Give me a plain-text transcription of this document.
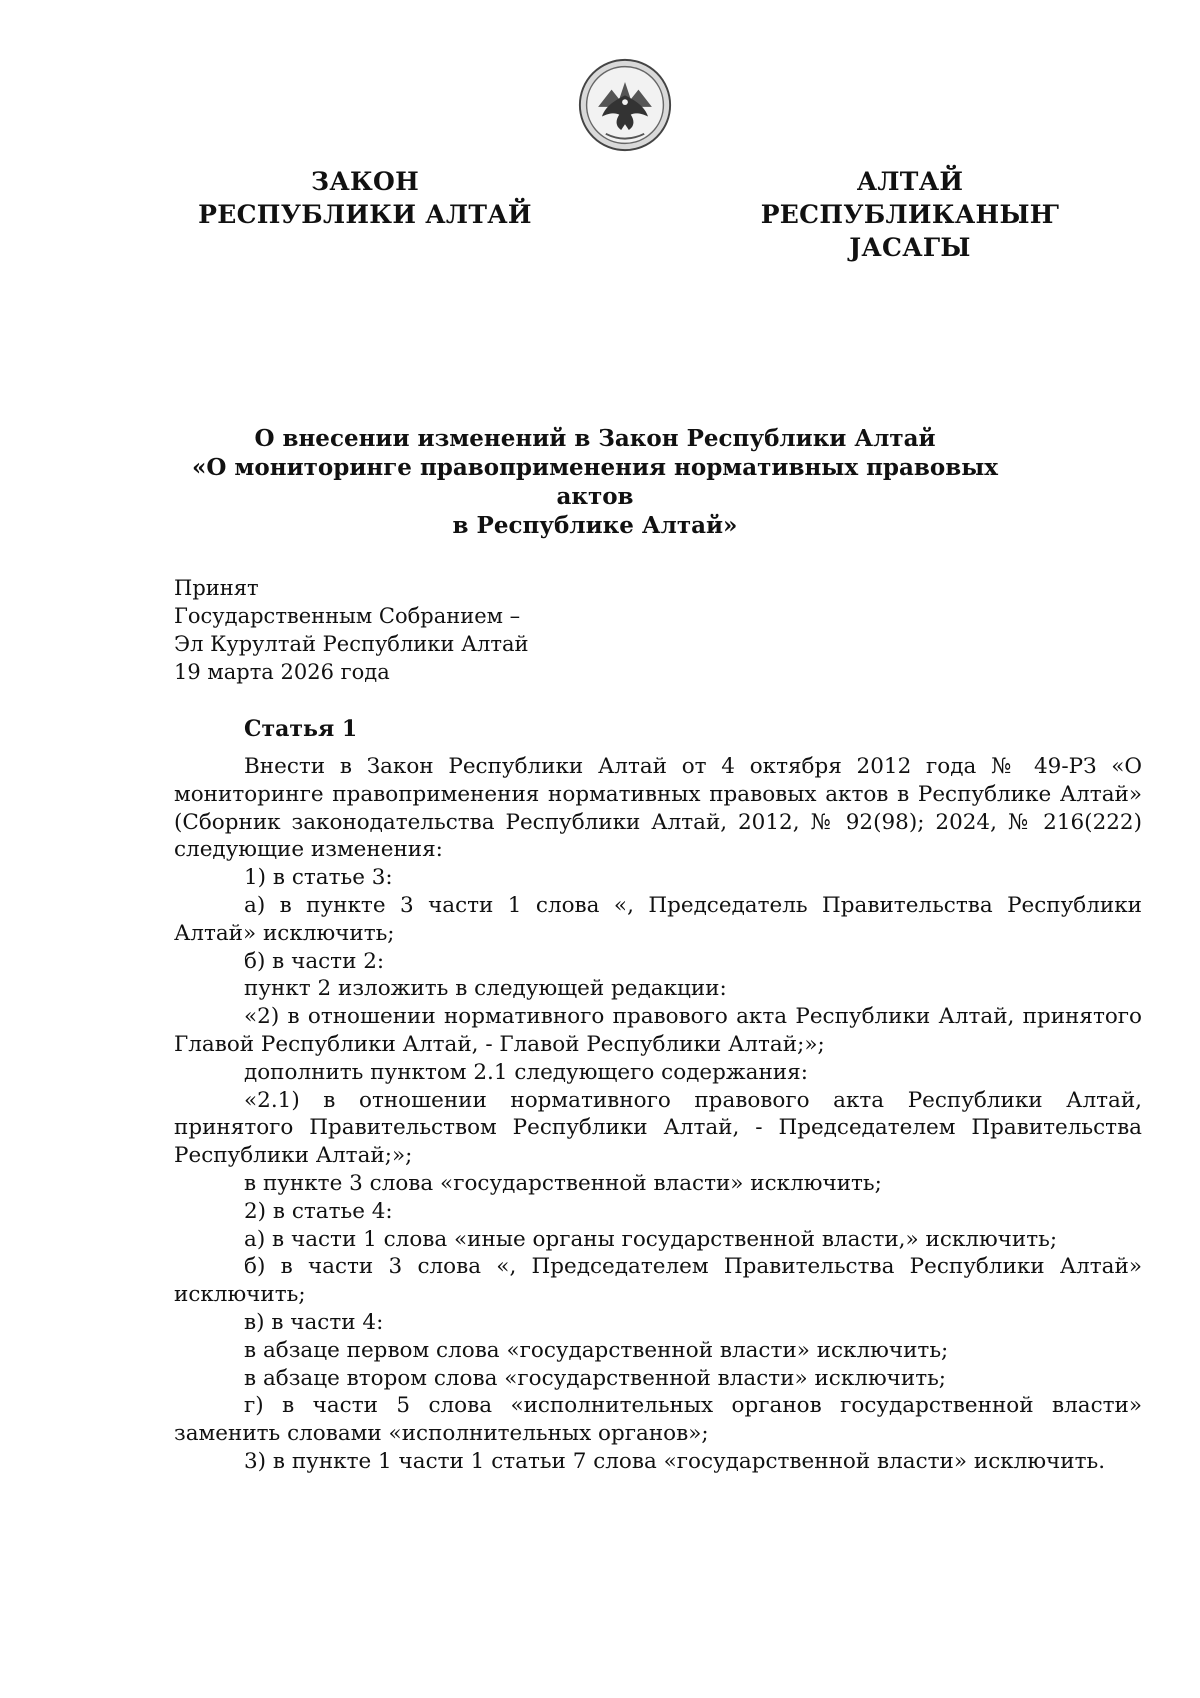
ЗАКОН
РЕСПУБЛИКИ АЛТАЙ
АЛТАЙ РЕСПУБЛИКАНЫҤ
ЈАСАГЫ
О внесении изменений в Закон Республики Алтай
«О мониторинге правоприменения нормативных правовых актов
в Республике Алтай»
Принят
Государственным Собранием –
Эл Курултай Республики Алтай
19 марта 2026 года
Статья 1

Внести в Закон Республики Алтай от 4 октября 2012 года № 49-РЗ «О мониторинге правоприменения нормативных правовых актов в Республике Алтай» (Сборник законодательства Республики Алтай, 2012, № 92(98); 2024, № 216(222) следующие изменения:

1) в статье 3:

а) в пункте 3 части 1 слова «, Председатель Правительства Республики Алтай» исключить;

б) в части 2:

пункт 2 изложить в следующей редакции:

«2) в отношении нормативного правового акта Республики Алтай, принятого Главой Республики Алтай, - Главой Республики Алтай;»;

дополнить пунктом 2.1 следующего содержания:

«2.1) в отношении нормативного правового акта Республики Алтай, принятого Правительством Республики Алтай, - Председателем Правительства Республики Алтай;»;

в пункте 3 слова «государственной власти» исключить;

2) в статье 4:

а) в части 1 слова «иные органы государственной власти,» исключить;

б) в части 3 слова «, Председателем Правительства Республики Алтай» исключить;

в) в части 4:

в абзаце первом слова «государственной власти» исключить;

в абзаце втором слова «государственной власти» исключить;

г) в части 5 слова «исполнительных органов государственной власти» заменить словами «исполнительных органов»;

3) в пункте 1 части 1 статьи 7 слова «государственной власти» исключить.
